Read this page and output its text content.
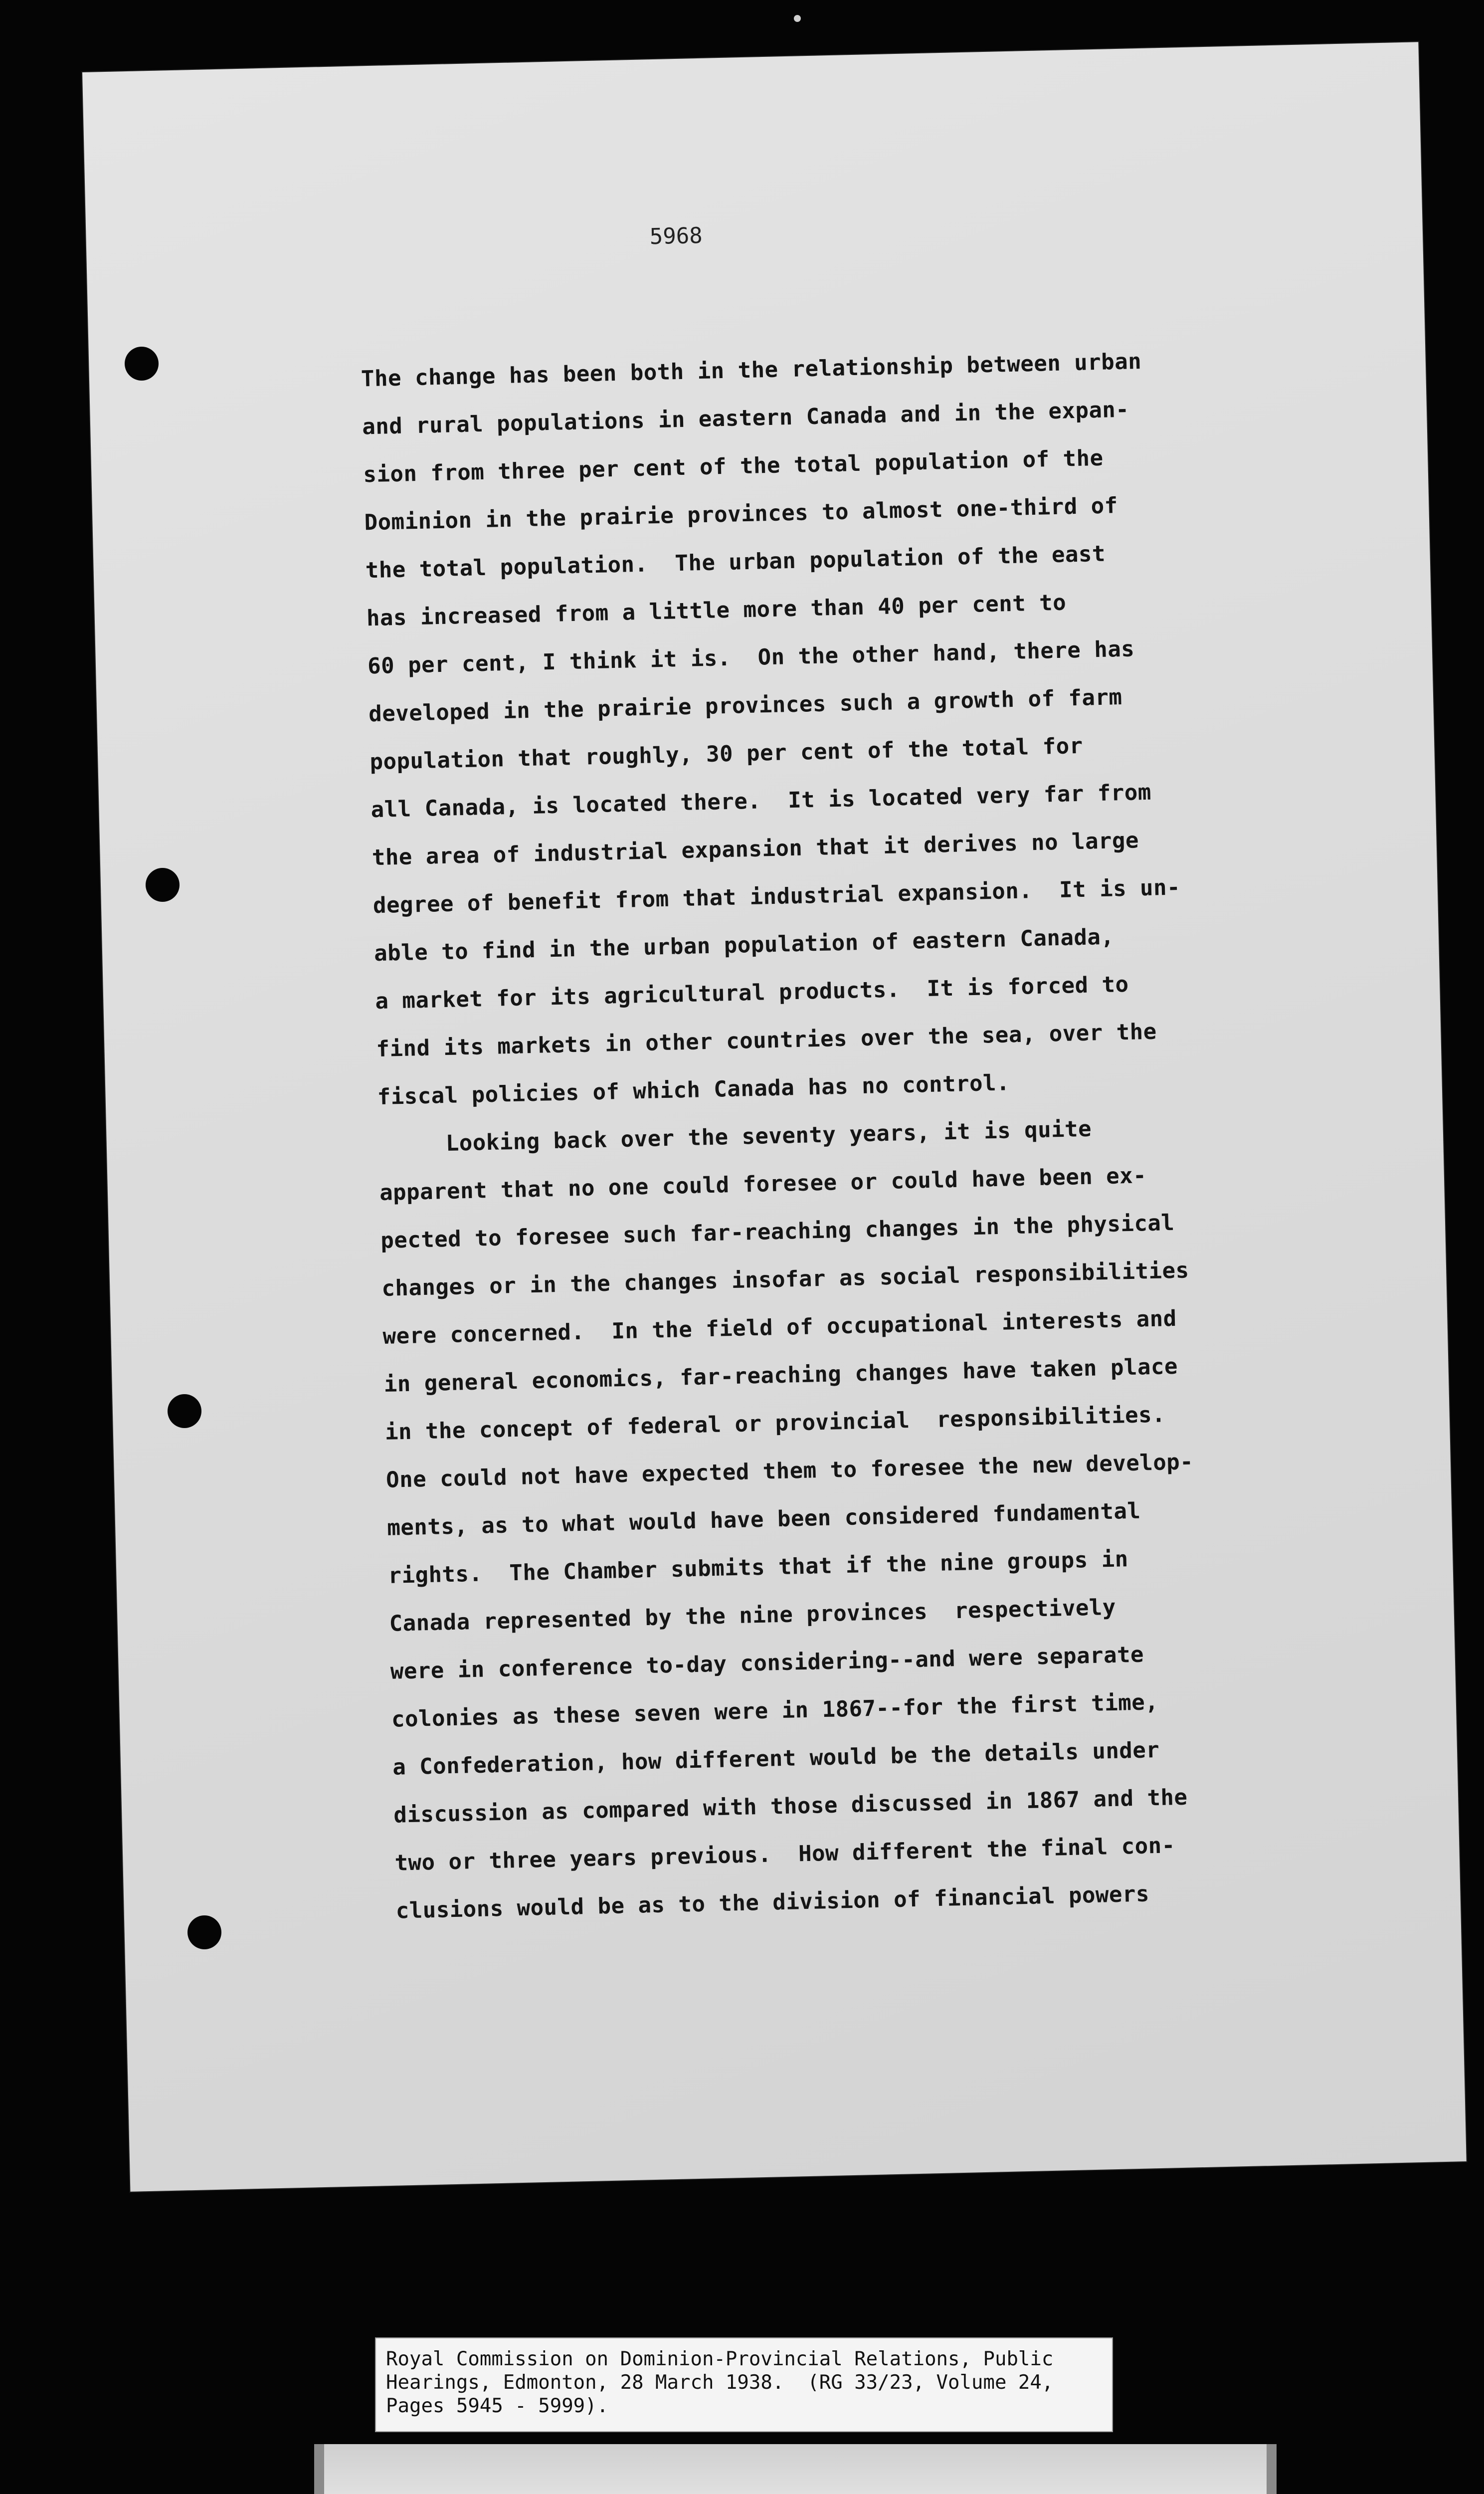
5968
The change has been both in the relationship between urban
and rural populations in eastern Canada and in the expan-
sion from three per cent of the total population of the
Dominion in the prairie provinces to almost one-third of
the total population.  The urban population of the east
has increased from a little more than 40 per cent to
60 per cent, I think it is.  On the other hand, there has
developed in the prairie provinces such a growth of farm
population that roughly, 30 per cent of the total for
all Canada, is located there.  It is located very far from
the area of industrial expansion that it derives no large
degree of benefit from that industrial expansion.  It is un-
able to find in the urban population of eastern Canada,
a market for its agricultural products.  It is forced to
find its markets in other countries over the sea, over the
fiscal policies of which Canada has no control.
Looking back over the seventy years, it is quite
apparent that no one could foresee or could have been ex-
pected to foresee such far-reaching changes in the physical
changes or in the changes insofar as social responsibilities
were concerned.  In the field of occupational interests and
in general economics, far-reaching changes have taken place
in the concept of federal or provincial  responsibilities.
One could not have expected them to foresee the new develop-
ments, as to what would have been considered fundamental
rights.  The Chamber submits that if the nine groups in
Canada represented by the nine provinces  respectively
were in conference to-day considering--and were separate
colonies as these seven were in 1867--for the first time,
a Confederation, how different would be the details under
discussion as compared with those discussed in 1867 and the
two or three years previous.  How different the final con-
clusions would be as to the division of financial powers
Royal Commission on Dominion-Provincial Relations, Public
Hearings, Edmonton, 28 March 1938.  (RG 33/23, Volume 24,
Pages 5945 - 5999).
